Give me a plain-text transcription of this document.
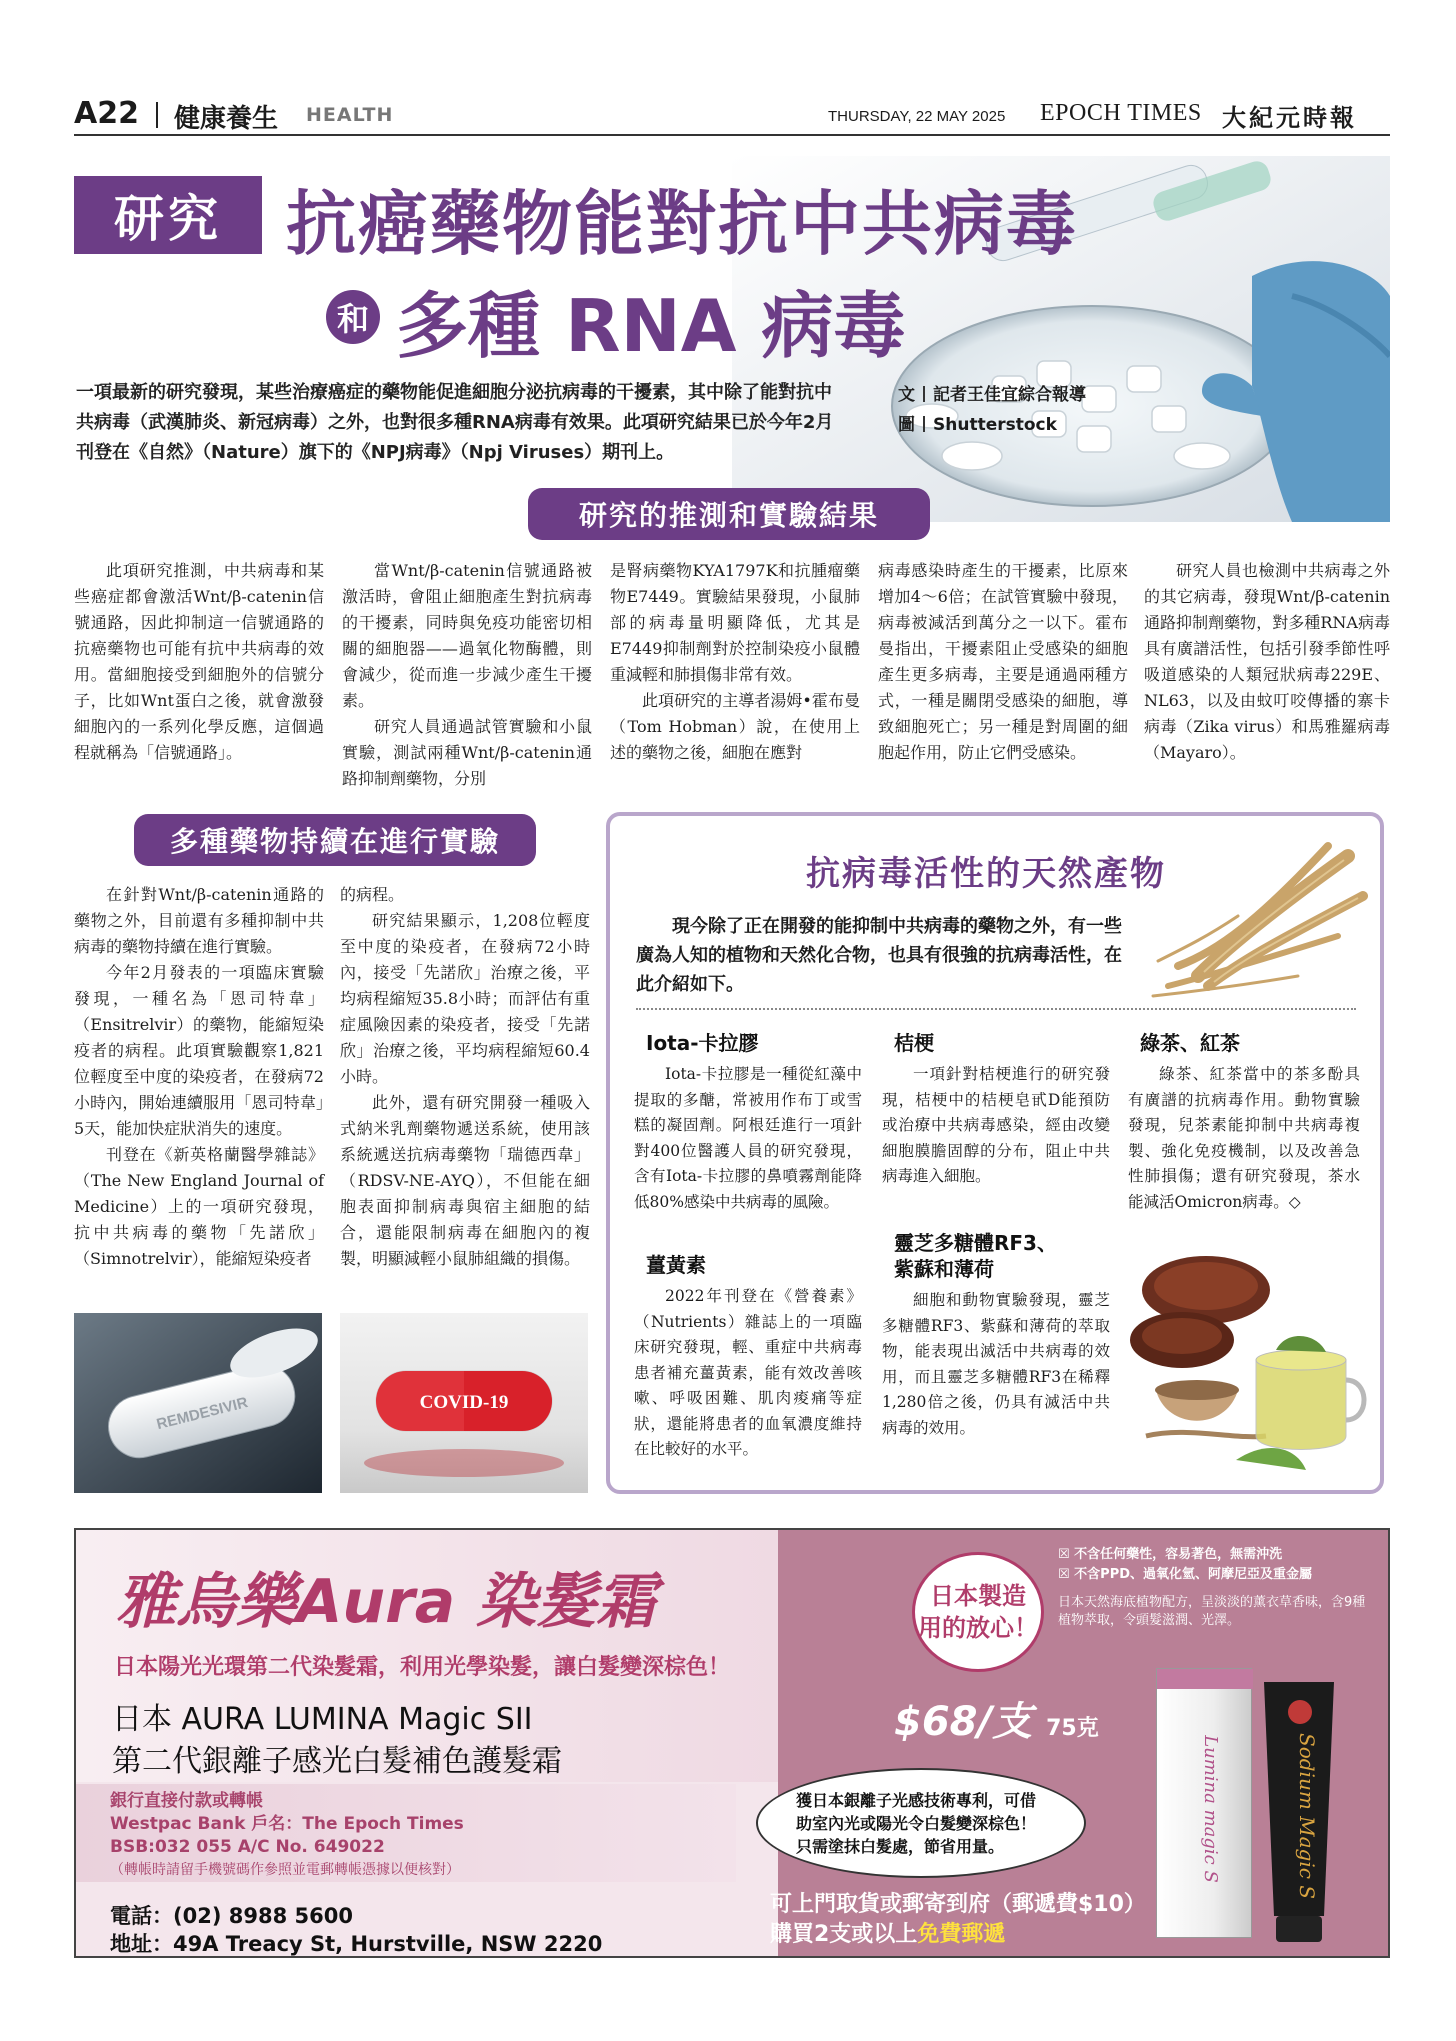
A22 健康養生 HEALTH	THURSDAY, 22 MAY 2025 EPOCH TIMES 大紀元時報
研究 抗癌藥物能對抗中共病毒
和 多種 RNA 病毒
一項最新的研究發現，某些治療癌症的藥物能促進細胞分泌抗病毒的干擾素，其中除了能對抗中共病毒（武漢肺炎、新冠病毒）之外，也對很多種RNA病毒有效果。此項研究結果已於今年2月刊登在《自然》（Nature）旗下的《NPJ病毒》（Npj Viruses）期刊上。
文 記者王佳宜綜合報導
圖 Shutterstock
研究的推測和實驗結果

此項研究推測，中共病毒和某些癌症都會激活Wnt/β-catenin信號通路，因此抑制這一信號通路的抗癌藥物也可能有抗中共病毒的效用。當細胞接受到細胞外的信號分子，比如Wnt蛋白之後，就會激發細胞內的一系列化學反應，這個過程就稱為「信號通路」。

當Wnt/β-catenin信號通路被激活時，會阻止細胞產生對抗病毒的干擾素，同時與免疫功能密切相關的細胞器——過氧化物酶體，則會減少，從而進一步減少產生干擾素。

研究人員通過試管實驗和小鼠實驗，測試兩種Wnt/β-catenin通路抑制劑藥物，分別

是腎病藥物KYA1797K和抗腫瘤藥物E7449。實驗結果發現，小鼠肺部的病毒量明顯降低，尤其是E7449抑制劑對於控制染疫小鼠體重減輕和肺損傷非常有效。

此項研究的主導者湯姆•霍布曼（Tom Hobman）說，在使用上述的藥物之後，細胞在應對

病毒感染時產生的干擾素，比原來增加4～6倍；在試管實驗中發現，病毒被減活到萬分之一以下。霍布曼指出，干擾素阻止受感染的細胞產生更多病毒，主要是通過兩種方式，一種是關閉受感染的細胞，導致細胞死亡；另一種是對周圍的細胞起作用，防止它們受感染。

研究人員也檢測中共病毒之外的其它病毒，發現Wnt/β-catenin通路抑制劑藥物，對多種RNA病毒具有廣譜活性，包括引發季節性呼吸道感染的人類冠狀病毒229E、NL63，以及由蚊叮咬傳播的寨卡病毒（Zika virus）和馬雅羅病毒（Mayaro）。

多種藥物持續在進行實驗

在針對Wnt/β-catenin通路的藥物之外，目前還有多種抑制中共病毒的藥物持續在進行實驗。

今年2月發表的一項臨床實驗發現，一種名為「恩司特韋」（Ensitrelvir）的藥物，能縮短染疫者的病程。此項實驗觀察1,821位輕度至中度的染疫者，在發病72小時內，開始連續服用「恩司特韋」5天，能加快症狀消失的速度。

刊登在《新英格蘭醫學雜誌》（The New England Journal of Medicine）上的一項研究發現，抗中共病毒的藥物「先諾欣」（Simnotrelvir），能縮短染疫者

的病程。

研究結果顯示，1,208位輕度至中度的染疫者，在發病72小時內，接受「先諾欣」治療之後，平均病程縮短35.8小時；而評估有重症風險因素的染疫者，接受「先諾欣」治療之後，平均病程縮短60.4小時。

此外，還有研究開發一種吸入式納米乳劑藥物遞送系統，使用該系統遞送抗病毒藥物「瑞德西韋」（RDSV-NE-AYQ），不但能在細胞表面抑制病毒與宿主細胞的結合，還能限制病毒在細胞內的複製，明顯減輕小鼠肺組織的損傷。

REMDESIVIR	COVID-19
抗病毒活性的天然產物
現今除了正在開發的能抑制中共病毒的藥物之外，有一些廣為人知的植物和天然化合物，也具有很強的抗病毒活性，在此介紹如下。
Iota-卡拉膠
Iota-卡拉膠是一種從紅藻中提取的多醣，常被用作布丁或雪糕的凝固劑。阿根廷進行一項針對400位醫護人員的研究發現，含有Iota-卡拉膠的鼻噴霧劑能降低80%感染中共病毒的風險。
薑黃素
2022年刊登在《營養素》（Nutrients）雜誌上的一項臨床研究發現，輕、重症中共病毒患者補充薑黃素，能有效改善咳嗽、呼吸困難、肌肉痠痛等症狀，還能將患者的血氧濃度維持在比較好的水平。
桔梗
一項針對桔梗進行的研究發現，桔梗中的桔梗皂甙D能預防或治療中共病毒感染，經由改變細胞膜膽固醇的分布，阻止中共病毒進入細胞。
靈芝多糖體RF3、
紫蘇和薄荷
細胞和動物實驗發現，靈芝多糖體RF3、紫蘇和薄荷的萃取物，能表現出滅活中共病毒的效用，而且靈芝多糖體RF3在稀釋1,280倍之後，仍具有滅活中共病毒的效用。
綠茶、紅茶
綠茶、紅茶當中的茶多酚具有廣譜的抗病毒作用。動物實驗發現，兒茶素能抑制中共病毒複製、強化免疫機制，以及改善急性肺損傷；還有研究發現，茶水能減活Omicron病毒。◇
雅烏樂Aura 染髮霜
日本陽光光環第二代染髮霜，利用光學染髮，讓白髮變深棕色！
日本 AURA LUMINA Magic SII
第二代銀離子感光白髮補色護髮霜
銀行直接付款或轉帳
Westpac Bank 戶名：The Epoch Times
BSB:032 055 A/C No. 649022
（轉帳時請留手機號碼作參照並電郵轉帳憑據以便核對）
電話：(02) 8988 5600
地址：49A Treacy St, Hurstville, NSW 2220
日本製造
用的放心！
☒ 不含任何藥性，容易著色，無需沖洗
☒ 不含PPD、過氧化氫、阿摩尼亞及重金屬
日本天然海底植物配方，呈淡淡的薰衣草香味，含9種植物萃取，令頭髮滋潤、光澤。
$68/支 75克
獲日本銀離子光感技術專利，可借助室內光或陽光令白髮變深棕色！只需塗抹白髮處，節省用量。
可上門取貨或郵寄到府（郵遞費$10）
購買2支或以上免費郵遞
Lumina magic S	Sodium Magic S
